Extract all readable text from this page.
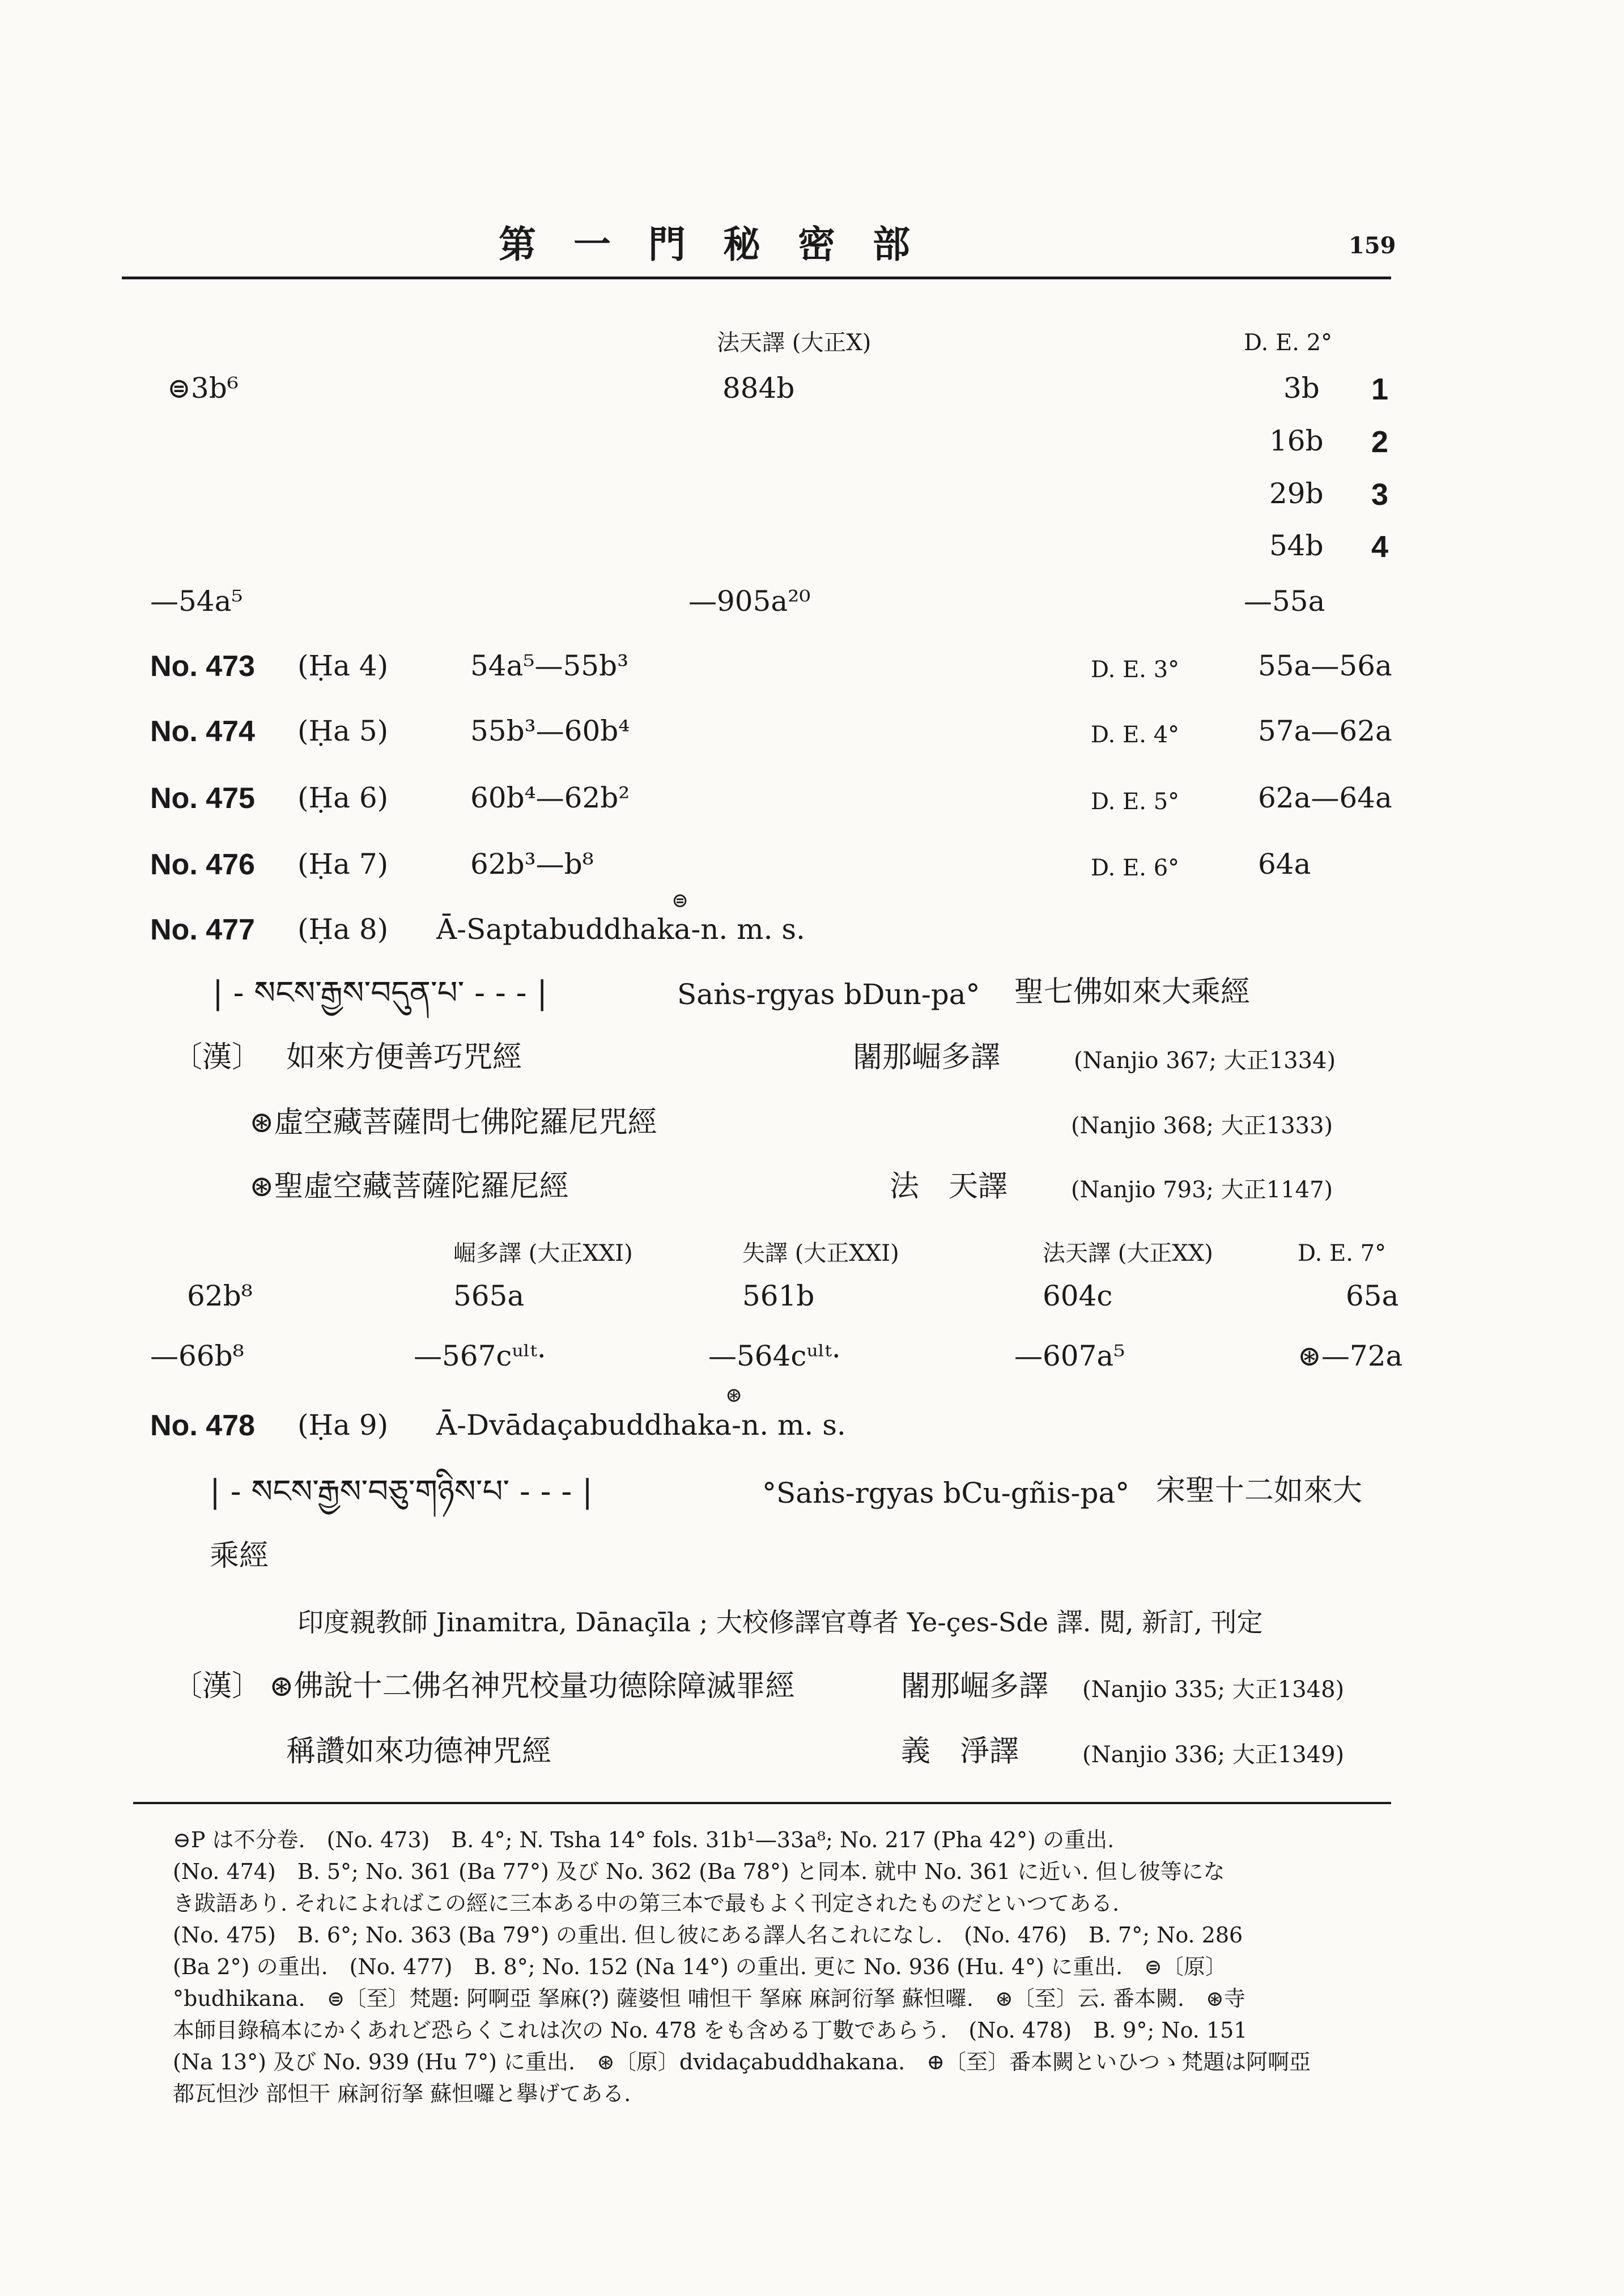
第　一　門　秘　密　部	159
法天譯 (大正X)	D. E. 2°
⊜3b⁶	884b	3b 1
16b 2
29b 3
54b 4
—54a⁵	—905a²⁰	—55a
No. 473 (Ḥa 4)	54a⁵—55b³	D. E. 3°	55a—56a
No. 474 (Ḥa 5)	55b³—60b⁴	D. E. 4°	57a—62a
No. 475 (Ḥa 6)	60b⁴—62b²	D. E. 5°	62a—64a
No. 476 (Ḥa 7)	62b³—b⁸	D. E. 6°	64a
No. 477 (Ḥa 8)
⊜
Ā-Saptabuddhaka-n. m. s.
| - སངས་རྒྱས་བདུན་པ་ - - - |	Saṅs-rgyas bDun-pa° 聖七佛如來大乘經
〔漢〕 如來方便善巧咒經	闍那崛多譯	(Nanjio 367; 大正1334)
⊛虛空藏菩薩問七佛陀羅尼咒經	(Nanjio 368; 大正1333)
⊛聖虛空藏菩薩陀羅尼經	法　天譯	(Nanjio 793; 大正1147)
崛多譯 (大正XXI)	失譯 (大正XXI)	法天譯 (大正XX)	D. E. 7°
62b⁸	565a	561b	604c	65a
—66b⁸	—567cᵘˡᵗ·	—564cᵘˡᵗ·	—607a⁵	⊛—72a
No. 478 (Ḥa 9)
⊛
Ā-Dvādaçabuddhaka-n. m. s.
| - སངས་རྒྱས་བཅུ་གཉིས་པ་ - - - |	°Saṅs-rgyas bCu-gñis-pa° 宋聖十二如來大
乘經
印度親教師 Jinamitra, Dānaçīla ; 大校修譯官尊者 Ye-çes-Sde 譯. 閲, 新訂, 刊定
〔漢〕 ⊛佛說十二佛名神咒校量功德除障滅罪經	闍那崛多譯 (Nanjio 335; 大正1348)
稱讚如來功德神咒經	義　淨譯	(Nanjio 336; 大正1349)
⊖P は不分卷.　(No. 473)　B. 4°; N. Tsha 14° fols. 31b¹—33a⁸; No. 217 (Pha 42°) の重出.
(No. 474)　B. 5°; No. 361 (Ba 77°) 及び No. 362 (Ba 78°) と同本. 就中 No. 361 に近い. 但し彼等にな
き跋語あり. それによればこの經に三本ある中の第三本で最もよく刊定されたものだといつてある.
(No. 475)　B. 6°; No. 363 (Ba 79°) の重出. 但し彼にある譯人名これになし.　(No. 476)　B. 7°; No. 286
(Ba 2°) の重出.　(No. 477)　B. 8°; No. 152 (Na 14°) の重出. 更に No. 936 (Hu. 4°) に重出.　⊜〔原〕
°budhikana.　⊜〔至〕梵題: 阿啊亞 拏麻(?) 薩婆怛 哺怛干 拏麻 麻訶衍拏 蘇怛囉.　⊛〔至〕云. 番本闕.　⊛寺
本師目錄稿本にかくあれど恐らくこれは次の No. 478 をも含める丁數であらう.　(No. 478)　B. 9°; No. 151
(Na 13°) 及び No. 939 (Hu 7°) に重出.　⊛〔原〕dvidaçabuddhakana.　⊕〔至〕番本闕といひつゝ梵題は阿啊亞
都瓦怛沙 部怛干 麻訶衍拏 蘇怛囉と擧げてある.
